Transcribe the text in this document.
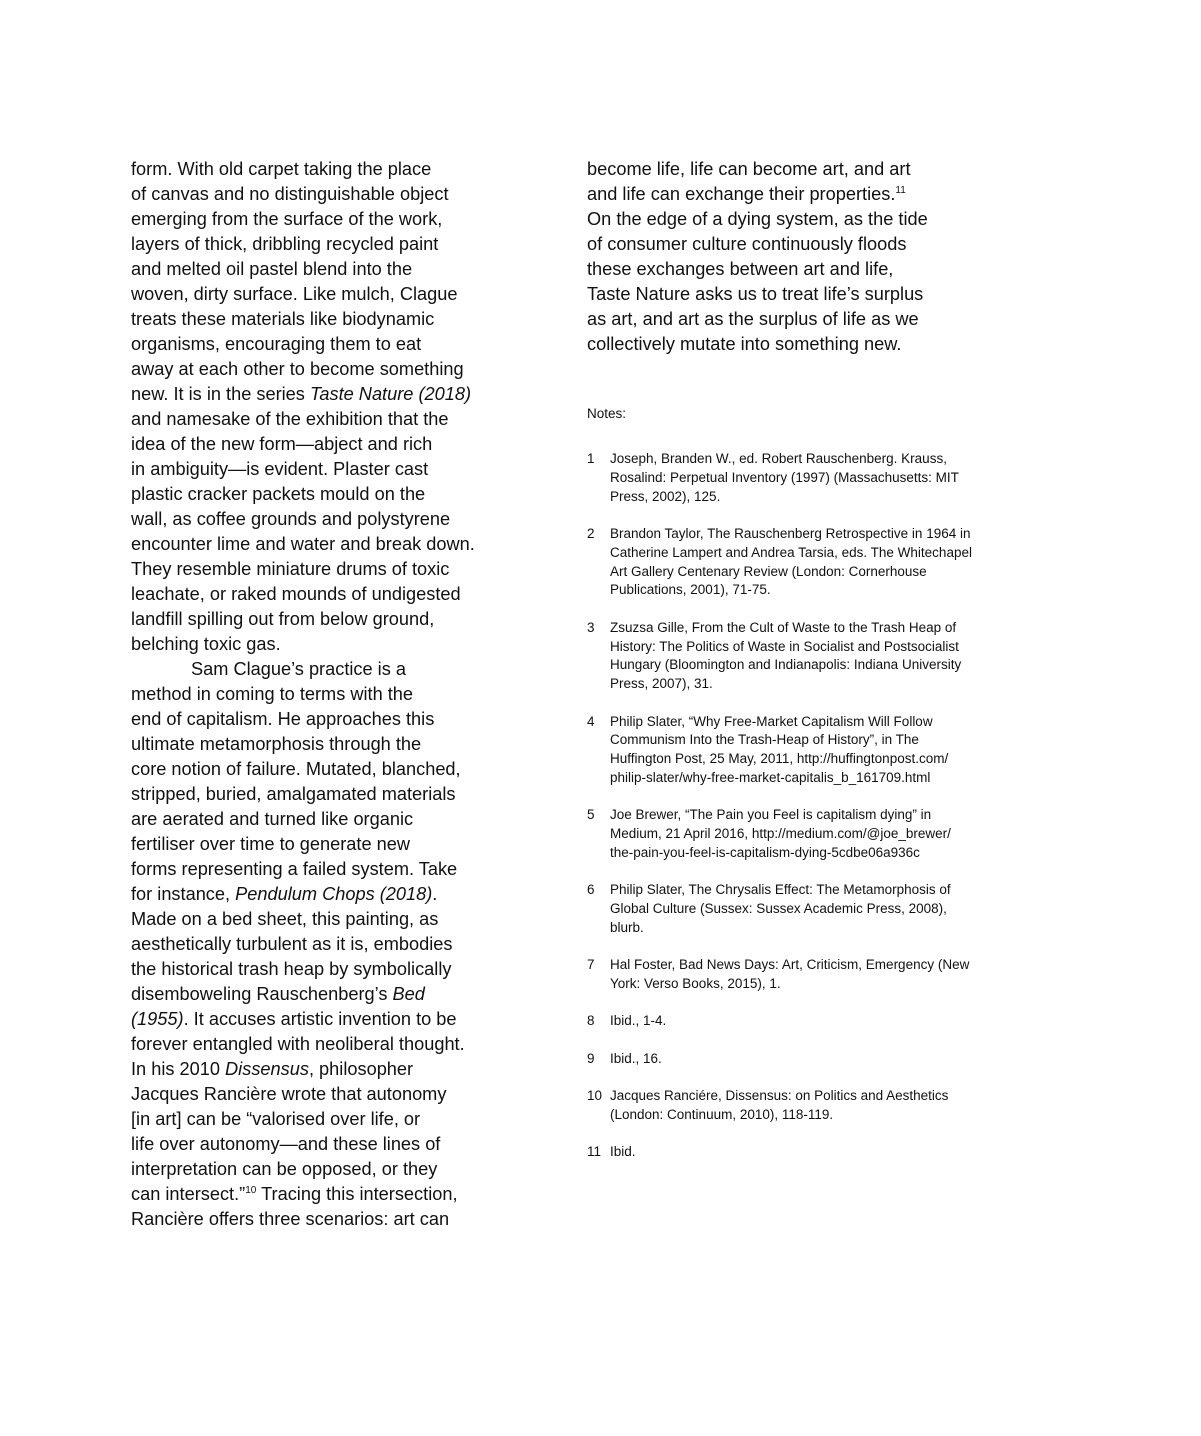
form. With old carpet taking the place
of canvas and no distinguishable object
emerging from the surface of the work,
layers of thick, dribbling recycled paint
and melted oil pastel blend into the
woven, dirty surface. Like mulch, Clague
treats these materials like biodynamic
organisms, encouraging them to eat
away at each other to become something
new. It is in the series Taste Nature (2018)
and namesake of the exhibition that the
idea of the new form—abject and rich
in ambiguity—is evident. Plaster cast
plastic cracker packets mould on the
wall, as coffee grounds and polystyrene
encounter lime and water and break down.
They resemble miniature drums of toxic
leachate, or raked mounds of undigested
landfill spilling out from below ground,
belching toxic gas.

Sam Clague’s practice is a
method in coming to terms with the
end of capitalism. He approaches this
ultimate metamorphosis through the
core notion of failure. Mutated, blanched,
stripped, buried, amalgamated materials
are aerated and turned like organic
fertiliser over time to generate new
forms representing a failed system. Take
for instance, Pendulum Chops (2018).
Made on a bed sheet, this painting, as
aesthetically turbulent as it is, embodies
the historical trash heap by symbolically
disemboweling Rauschenberg’s Bed
(1955). It accuses artistic invention to be
forever entangled with neoliberal thought.
In his 2010 Dissensus, philosopher
Jacques Rancière wrote that autonomy
[in art] can be “valorised over life, or
life over autonomy—and these lines of
interpretation can be opposed, or they
can intersect.”$^{10}$ Tracing this intersection,
Rancière offers three scenarios: art can

become life, life can become art, and art
and life can exchange their properties.$^{11}$
On the edge of a dying system, as the tide
of consumer culture continuously floods
these exchanges between art and life,
Taste Nature asks us to treat life’s surplus
as art, and art as the surplus of life as we
collectively mutate into something new.

Notes:
1 Joseph, Branden W., ed. Robert Rauschenberg. Krauss,
Rosalind: Perpetual Inventory (1997) (Massachusetts: MIT
Press, 2002), 125.
2 Brandon Taylor, The Rauschenberg Retrospective in 1964 in
Catherine Lampert and Andrea Tarsia, eds. The Whitechapel
Art Gallery Centenary Review (London: Cornerhouse
Publications, 2001), 71-75.
3 Zsuzsa Gille, From the Cult of Waste to the Trash Heap of
History: The Politics of Waste in Socialist and Postsocialist
Hungary (Bloomington and Indianapolis: Indiana University
Press, 2007), 31.
4 Philip Slater, “Why Free-Market Capitalism Will Follow
Communism Into the Trash-Heap of History”, in The
Huffington Post, 25 May, 2011, http://huffingtonpost.com/
philip-slater/why-free-market-capitalis_b_161709.html
5 Joe Brewer, “The Pain you Feel is capitalism dying” in
Medium, 21 April 2016, http://medium.com/@joe_brewer/
the-pain-you-feel-is-capitalism-dying-5cdbe06a936c
6 Philip Slater, The Chrysalis Effect: The Metamorphosis of
Global Culture (Sussex: Sussex Academic Press, 2008),
blurb.
7 Hal Foster, Bad News Days: Art, Criticism, Emergency (New
York: Verso Books, 2015), 1.
8 Ibid., 1-4.
9 Ibid., 16.
10 Jacques Ranciére, Dissensus: on Politics and Aesthetics
(London: Continuum, 2010), 118-119.
11 Ibid.
